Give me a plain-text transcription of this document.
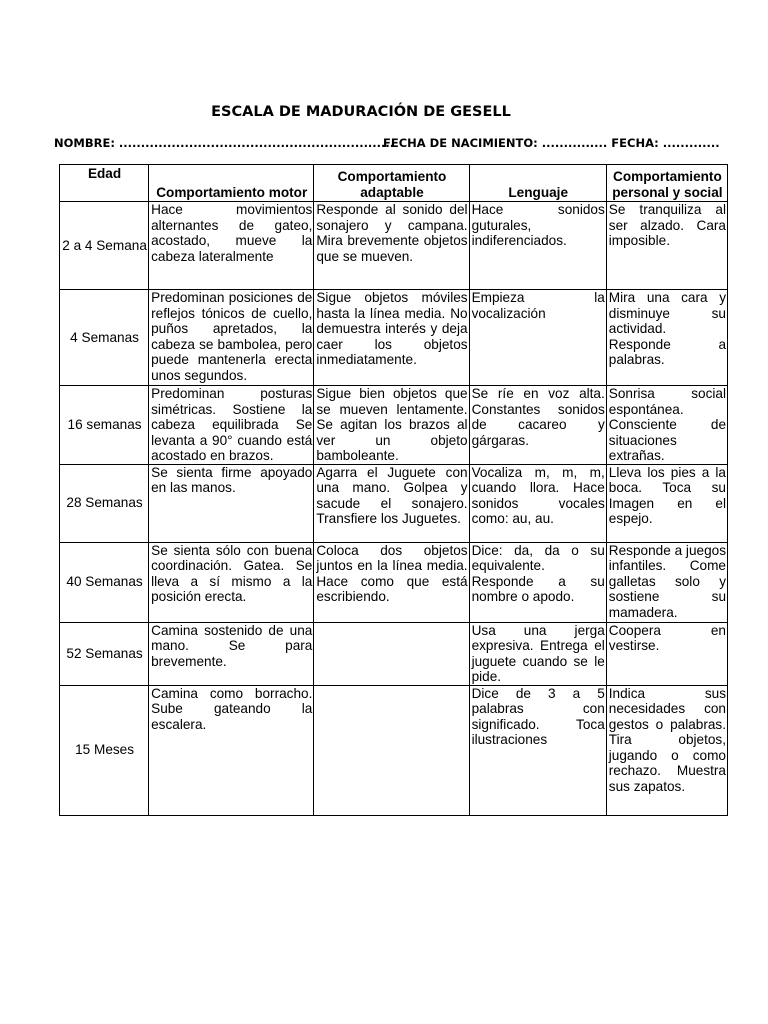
ESCALA DE MADURACIÓN DE GESELL
NOMBRE: ...............................................................
FECHA DE NACIMIENTO: ............... FECHA: .............
Edad	Comportamiento motor	Comportamiento adaptable	Lenguaje	Comportamiento personal y social
2 a 4 Semana	Hace movimientos alternantes de gateo, acostado, mueve la cabeza lateralmente	Responde al sonido del sonajero y campana. Mira brevemente objetos que se mueven.	Hace sonidos guturales, indiferenciados.	Se tranquiliza al ser alzado. Cara imposible.
4 Semanas	Predominan posiciones de reflejos tónicos de cuello, puños apretados, la cabeza se bambolea, pero puede mantenerla erecta unos segundos.	Sigue objetos móviles hasta la línea media. No demuestra interés y deja caer los objetos inmediatamente.	Empieza la vocalización	Mira una cara y disminuye su actividad. Responde a palabras.
16 semanas	Predominan posturas simétricas. Sostiene la cabeza equilibrada Se levanta a 90° cuando está acostado en brazos.	Sigue bien objetos que se mueven lentamente. Se agitan los brazos al ver un objeto bamboleante.	Se ríe en voz alta. Constantes sonidos de cacareo y gárgaras.	Sonrisa social espontánea. Consciente de situaciones extrañas.
28 Semanas	Se sienta firme apoyado en las manos.	Agarra el Juguete con una mano. Golpea y sacude el sonajero. Transfiere los Juguetes.	Vocaliza m, m, m, cuando llora. Hace sonidos vocales como: au, au.	Lleva los pies a la boca. Toca su Imagen en el espejo.
40 Semanas	Se sienta sólo con buena coordinación. Gatea. Se lleva a sí mismo a la posición erecta.	Coloca dos objetos juntos en la línea media. Hace como que está escribiendo.	Dice: da, da o su equivalente. Responde a su nombre o apodo.	Responde a juegos infantiles. Come galletas solo y sostiene su mamadera.
52 Semanas	Camina sostenido de una mano. Se para brevemente.		Usa una jerga expresiva. Entrega el juguete cuando se le pide.	Coopera en vestirse.
15 Meses	Camina como borracho. Sube gateando la escalera.		Dice de 3 a 5 palabras con significado. Toca ilustraciones	Indica sus necesidades con gestos o palabras. Tira objetos, jugando o como rechazo. Muestra sus zapatos.
